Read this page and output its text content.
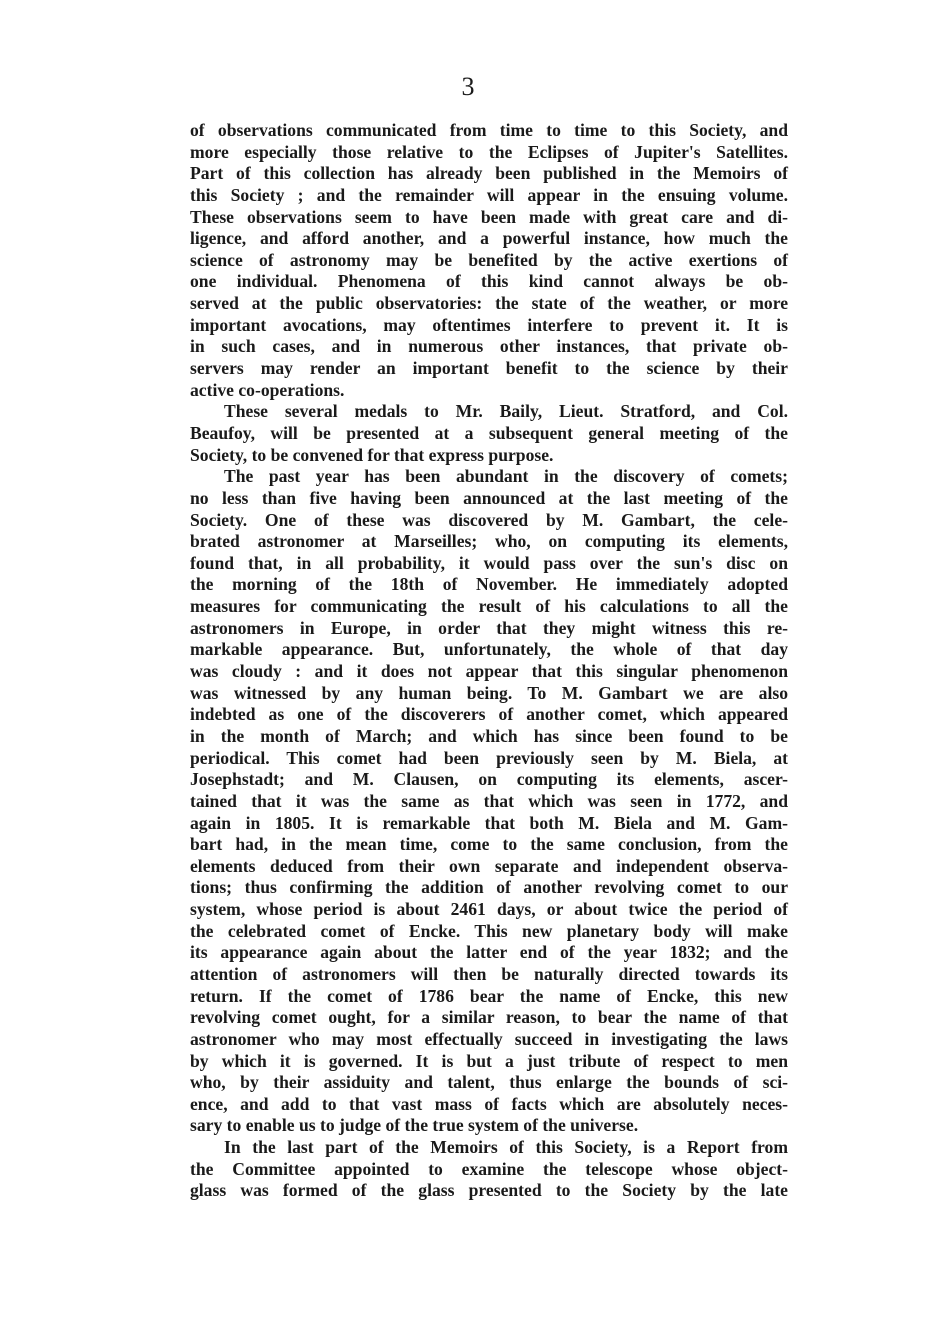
3
of observations communicated from time to time to this Society, and
more especially those relative to the Eclipses of Jupiter's Satellites.
Part of this collection has already been published in the Memoirs of
this Society ; and the remainder will appear in the ensuing volume.
These observations seem to have been made with great care and di-
ligence, and afford another, and a powerful instance, how much the
science of astronomy may be benefited by the active exertions of
one individual. Phenomena of this kind cannot always be ob-
served at the public observatories: the state of the weather, or more
important avocations, may oftentimes interfere to prevent it. It is
in such cases, and in numerous other instances, that private ob-
servers may render an important benefit to the science by their
active co-operations.
These several medals to Mr. Baily, Lieut. Stratford, and Col.
Beaufoy, will be presented at a subsequent general meeting of the
Society, to be convened for that express purpose.
The past year has been abundant in the discovery of comets;
no less than five having been announced at the last meeting of the
Society. One of these was discovered by M. Gambart, the cele-
brated astronomer at Marseilles; who, on computing its elements,
found that, in all probability, it would pass over the sun's disc on
the morning of the 18th of November. He immediately adopted
measures for communicating the result of his calculations to all the
astronomers in Europe, in order that they might witness this re-
markable appearance. But, unfortunately, the whole of that day
was cloudy : and it does not appear that this singular phenomenon
was witnessed by any human being. To M. Gambart we are also
indebted as one of the discoverers of another comet, which appeared
in the month of March; and which has since been found to be
periodical. This comet had been previously seen by M. Biela, at
Josephstadt; and M. Clausen, on computing its elements, ascer-
tained that it was the same as that which was seen in 1772, and
again in 1805. It is remarkable that both M. Biela and M. Gam-
bart had, in the mean time, come to the same conclusion, from the
elements deduced from their own separate and independent observa-
tions; thus confirming the addition of another revolving comet to our
system, whose period is about 2461 days, or about twice the period of
the celebrated comet of Encke. This new planetary body will make
its appearance again about the latter end of the year 1832; and the
attention of astronomers will then be naturally directed towards its
return. If the comet of 1786 bear the name of Encke, this new
revolving comet ought, for a similar reason, to bear the name of that
astronomer who may most effectually succeed in investigating the laws
by which it is governed. It is but a just tribute of respect to men
who, by their assiduity and talent, thus enlarge the bounds of sci-
ence, and add to that vast mass of facts which are absolutely neces-
sary to enable us to judge of the true system of the universe.
In the last part of the Memoirs of this Society, is a Report from
the Committee appointed to examine the telescope whose object-
glass was formed of the glass presented to the Society by the late
